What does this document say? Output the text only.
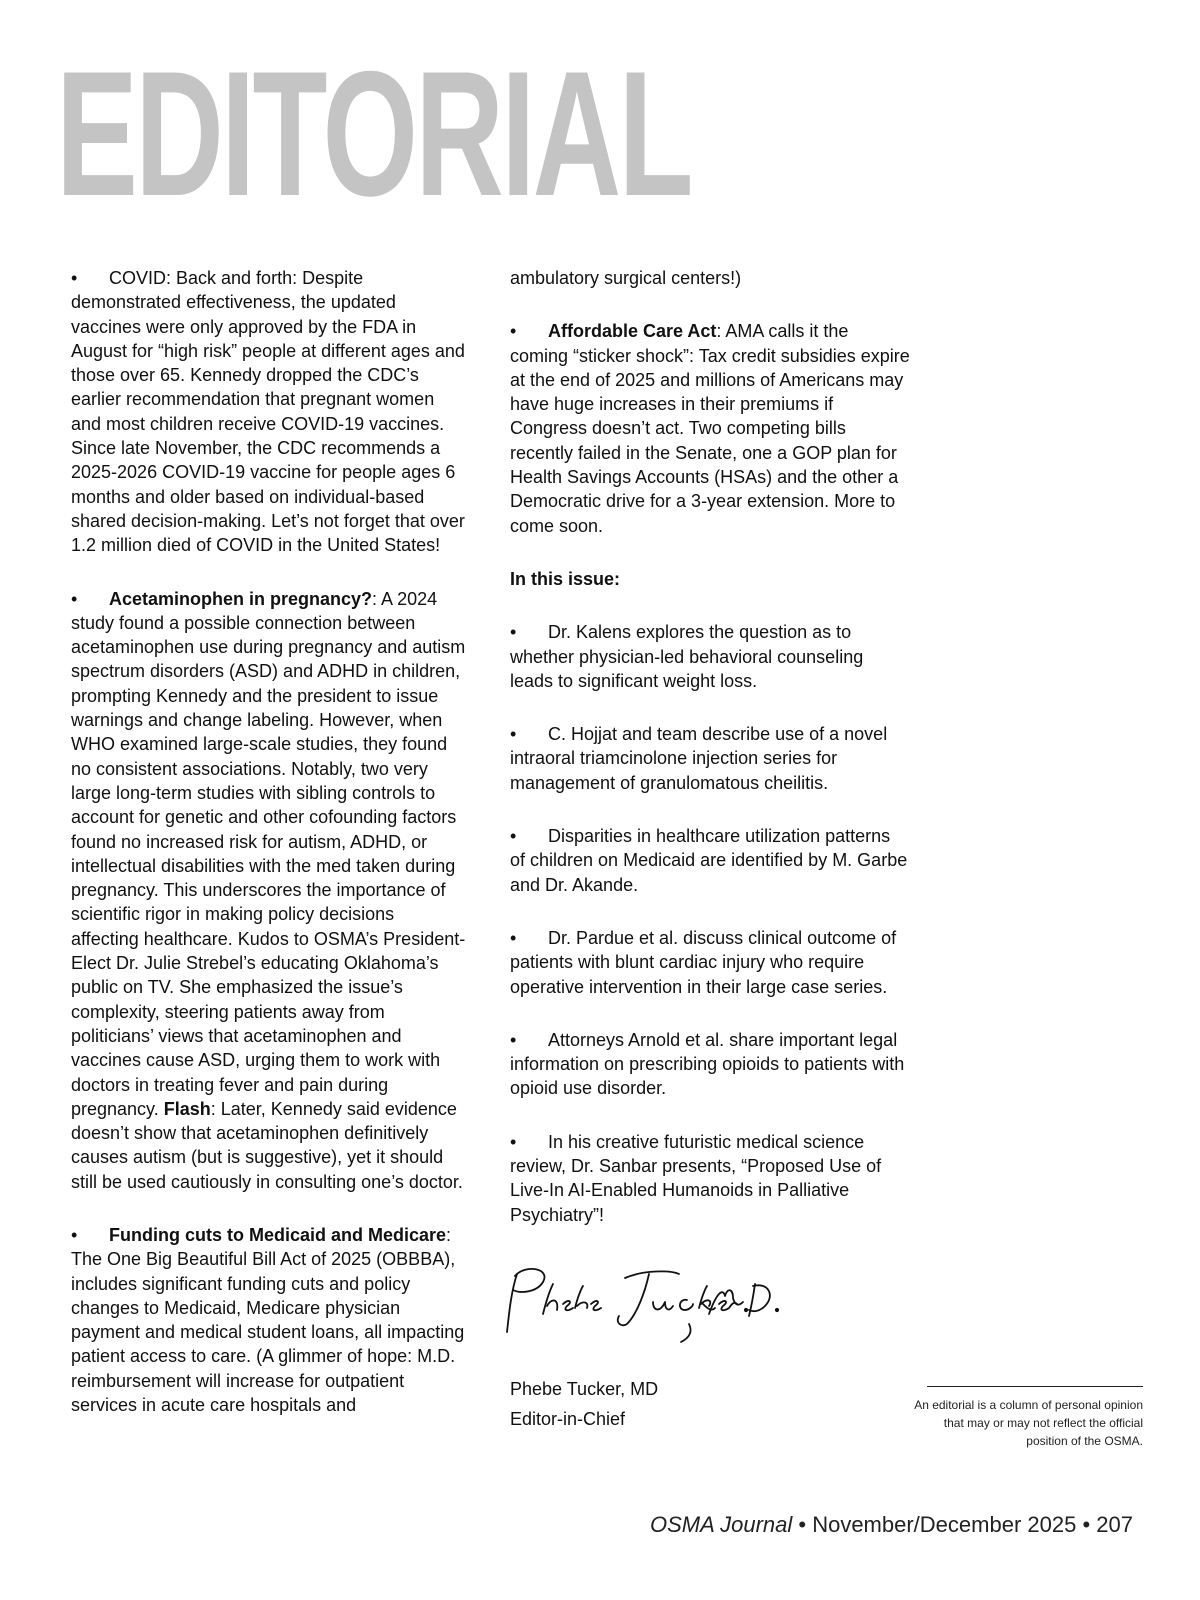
EDITORIAL

• COVID: Back and forth: Despite demonstrated effectiveness, the updated vaccines were only approved by the FDA in August for “high risk” people at different ages and those over 65. Kennedy dropped the CDC’s earlier recommendation that pregnant women and most children receive COVID-19 vaccines. Since late November, the CDC recommends a 2025-2026 COVID-19 vaccine for people ages 6 months and older based on individual-based shared decision-making. Let’s not forget that over 1.2 million died of COVID in the United States!

• Acetaminophen in pregnancy?: A 2024 study found a possible connection between acetaminophen use during pregnancy and autism spectrum disorders (ASD) and ADHD in children, prompting Kennedy and the president to issue warnings and change labeling. However, when WHO examined large-scale studies, they found no consistent associations. Notably, two very large long-term studies with sibling controls to account for genetic and other cofounding factors found no increased risk for autism, ADHD, or intellectual disabilities with the med taken during pregnancy. This underscores the importance of scientific rigor in making policy decisions affecting healthcare. Kudos to OSMA’s President-Elect Dr. Julie Strebel’s educating Oklahoma’s public on TV. She emphasized the issue’s complexity, steering patients away from politicians’ views that acetaminophen and vaccines cause ASD, urging them to work with doctors in treating fever and pain during pregnancy. Flash: Later, Kennedy said evidence doesn’t show that acetaminophen definitively causes autism (but is suggestive), yet it should still be used cautiously in consulting one’s doctor.

• Funding cuts to Medicaid and Medicare: The One Big Beautiful Bill Act of 2025 (OBBBA), includes significant funding cuts and policy changes to Medicaid, Medicare physician payment and medical student loans, all impacting patient access to care. (A glimmer of hope: M.D. reimbursement will increase for outpatient services in acute care hospitals and

ambulatory surgical centers!)

• Affordable Care Act: AMA calls it the coming “sticker shock”: Tax credit subsidies expire at the end of 2025 and millions of Americans may have huge increases in their premiums if Congress doesn’t act. Two competing bills recently failed in the Senate, one a GOP plan for Health Savings Accounts (HSAs) and the other a Democratic drive for a 3-year extension. More to come soon.

In this issue:

• Dr. Kalens explores the question as to whether physician-led behavioral counseling leads to significant weight loss.

• C. Hojjat and team describe use of a novel intraoral triamcinolone injection series for management of granulomatous cheilitis.

• Disparities in healthcare utilization patterns of children on Medicaid are identified by M. Garbe and Dr. Akande.

• Dr. Pardue et al. discuss clinical outcome of patients with blunt cardiac injury who require operative intervention in their large case series.

• Attorneys Arnold et al. share important legal information on prescribing opioids to patients with opioid use disorder.

• In his creative futuristic medical science review, Dr. Sanbar presents, “Proposed Use of Live-In AI-Enabled Humanoids in Palliative Psychiatry”!

Phebe Tucker, MD
Editor-in-Chief
An editorial is a column of personal opinion that may or may not reflect the official position of the OSMA.
OSMA Journal • November/December 2025 • 207
